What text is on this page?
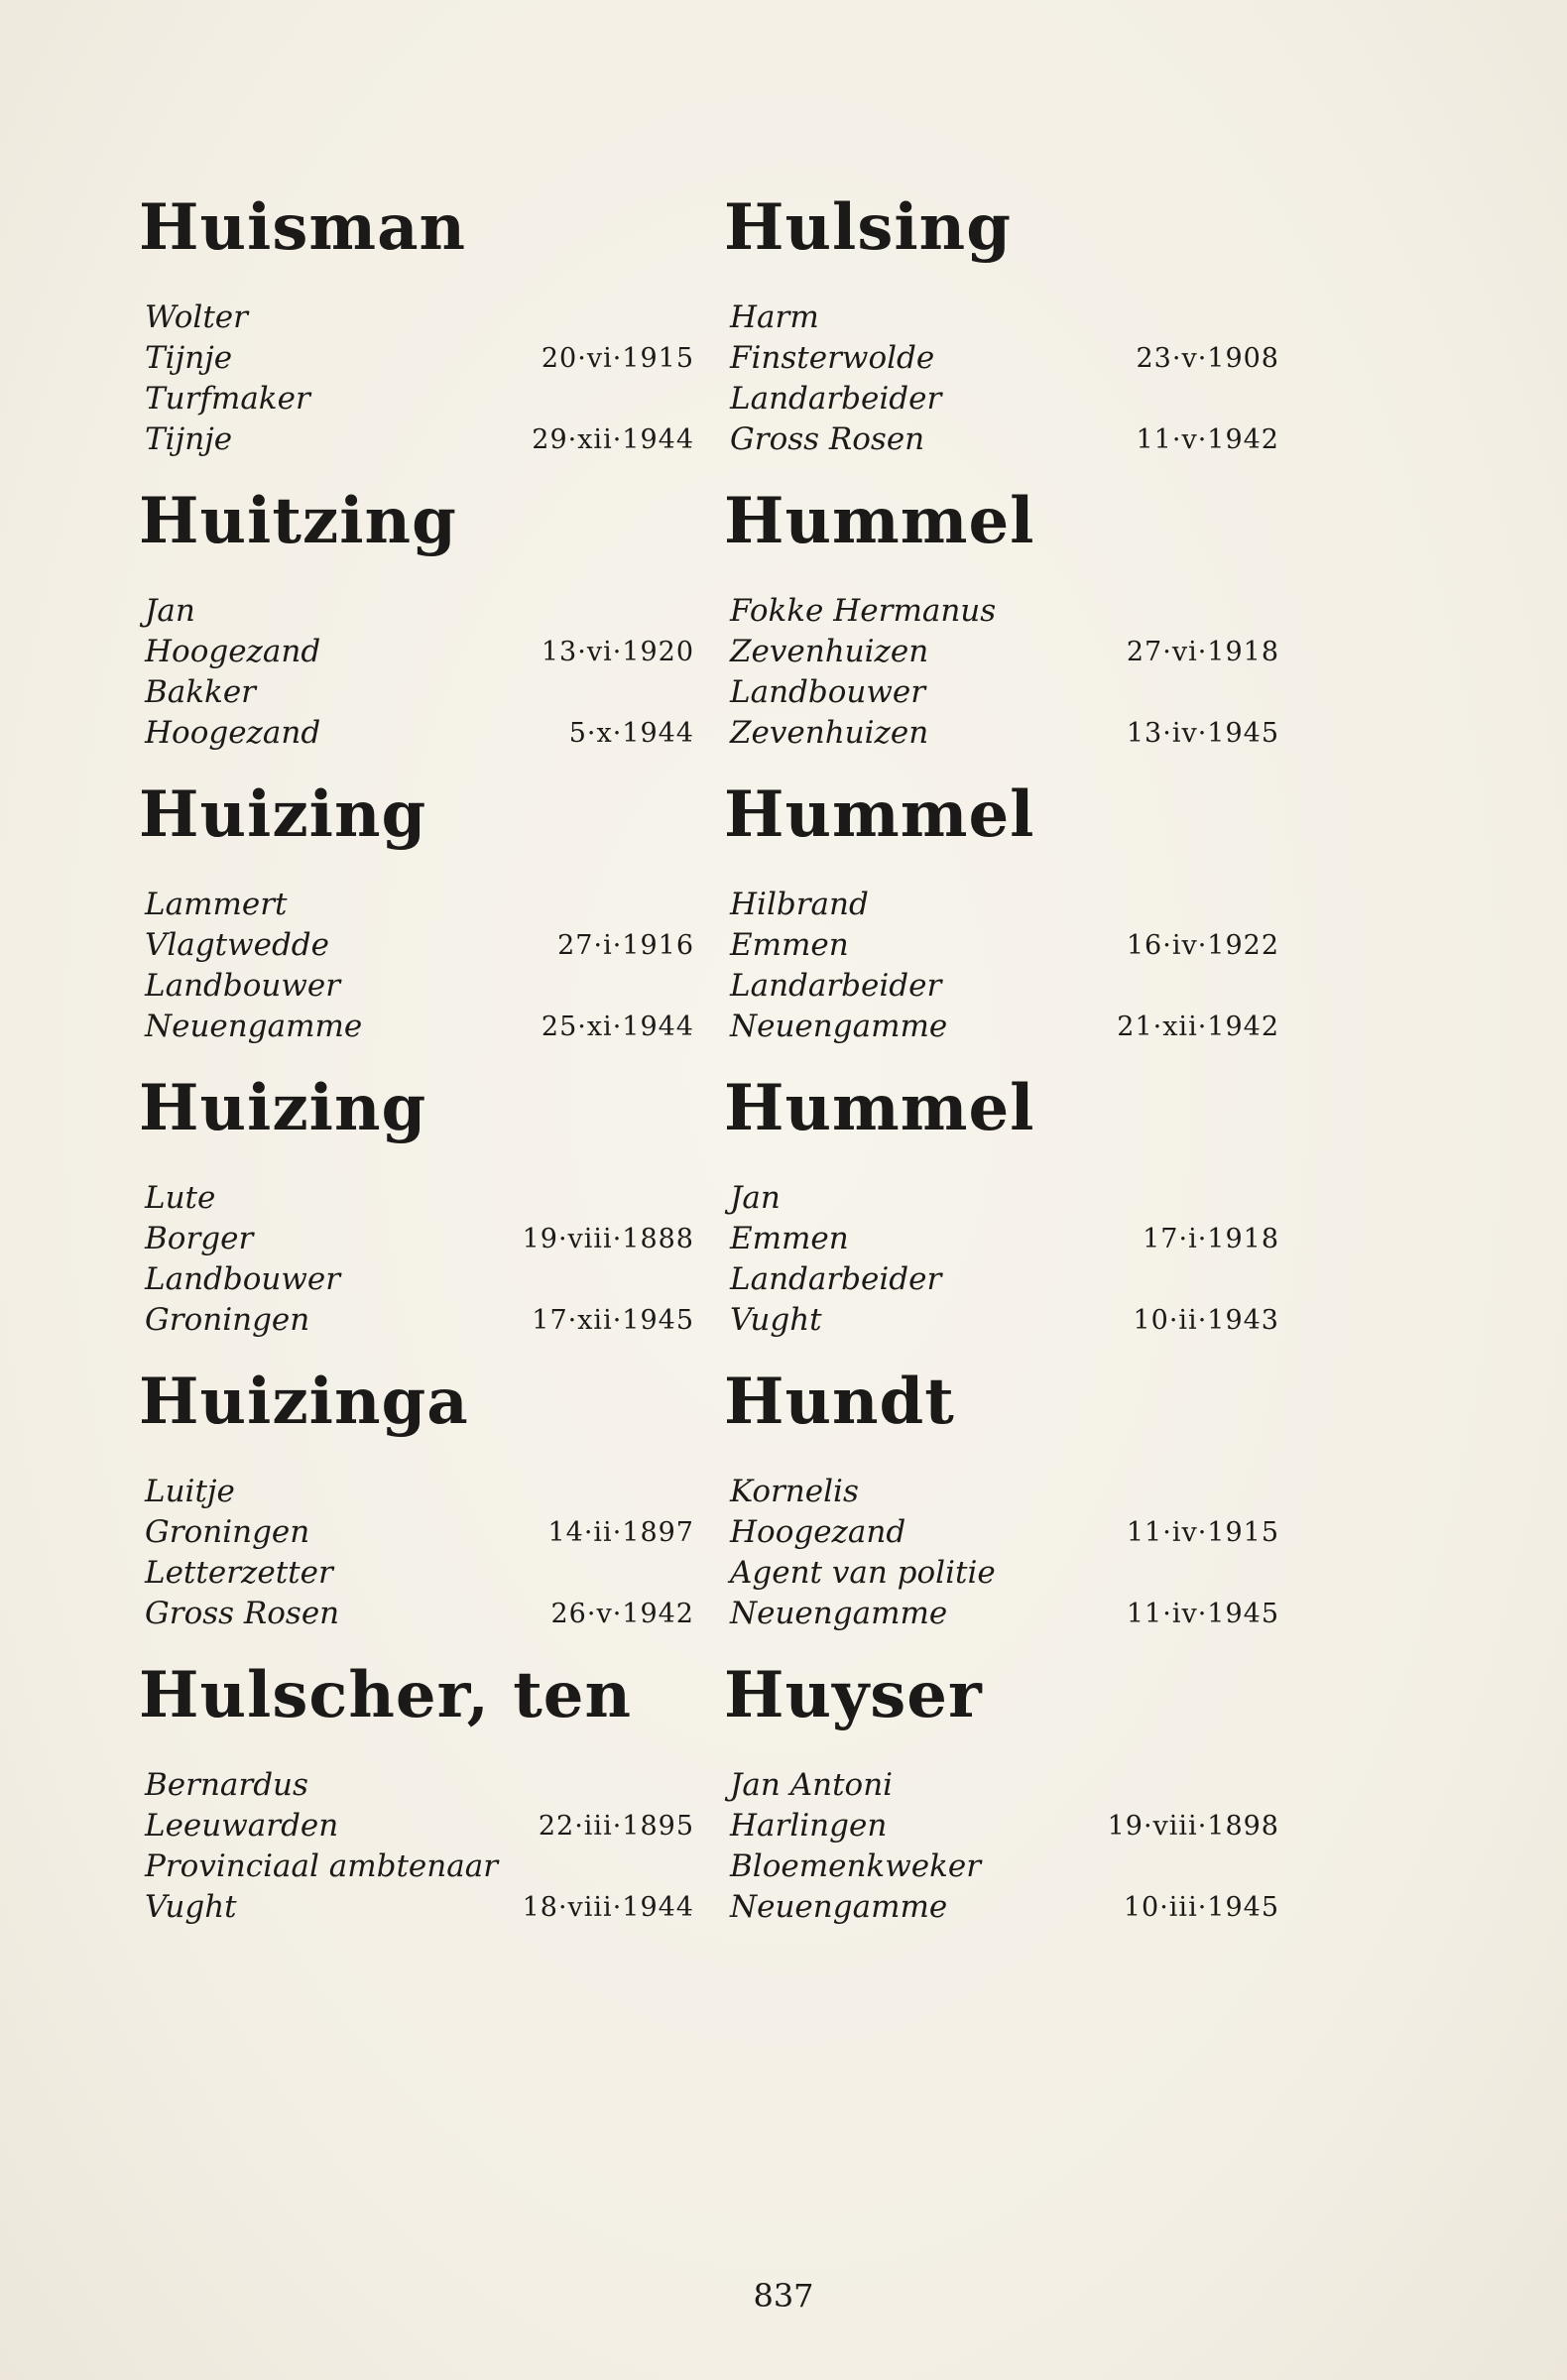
Huisman
Wolter
Tijnje	20·vi·1915
Turfmaker
Tijnje	29·xii·1944
Huitzing
Jan
Hoogezand	13·vi·1920
Bakker
Hoogezand	5·x·1944
Huizing
Lammert
Vlagtwedde	27·i·1916
Landbouwer
Neuengamme	25·xi·1944
Huizing
Lute
Borger	19·viii·1888
Landbouwer
Groningen	17·xii·1945
Huizinga
Luitje
Groningen	14·ii·1897
Letterzetter
Gross Rosen	26·v·1942
Hulscher, ten
Bernardus
Leeuwarden	22·iii·1895
Provinciaal ambtenaar
Vught	18·viii·1944
Hulsing
Harm
Finsterwolde	23·v·1908
Landarbeider
Gross Rosen	11·v·1942
Hummel
Fokke Hermanus
Zevenhuizen	27·vi·1918
Landbouwer
Zevenhuizen	13·iv·1945
Hummel
Hilbrand
Emmen	16·iv·1922
Landarbeider
Neuengamme	21·xii·1942
Hummel
Jan
Emmen	17·i·1918
Landarbeider
Vught	10·ii·1943
Hundt
Kornelis
Hoogezand	11·iv·1915
Agent van politie
Neuengamme	11·iv·1945
Huyser
Jan Antoni
Harlingen	19·viii·1898
Bloemenkweker
Neuengamme	10·iii·1945
837
